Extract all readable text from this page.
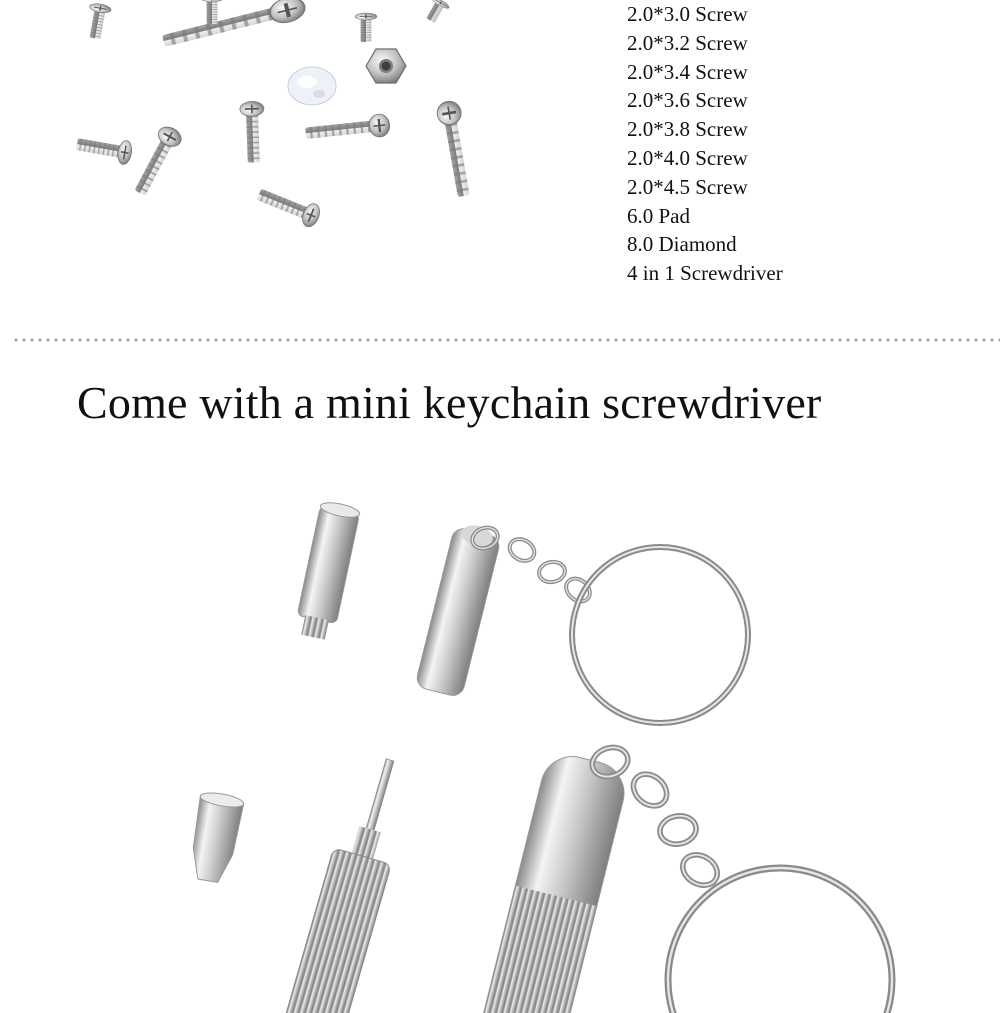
2.0*3.0 Screw
2.0*3.2 Screw
2.0*3.4 Screw
2.0*3.6 Screw
2.0*3.8 Screw
2.0*4.0 Screw
2.0*4.5 Screw
6.0 Pad
8.0 Diamond
4 in 1 Screwdriver
Come with a mini keychain screwdriver
